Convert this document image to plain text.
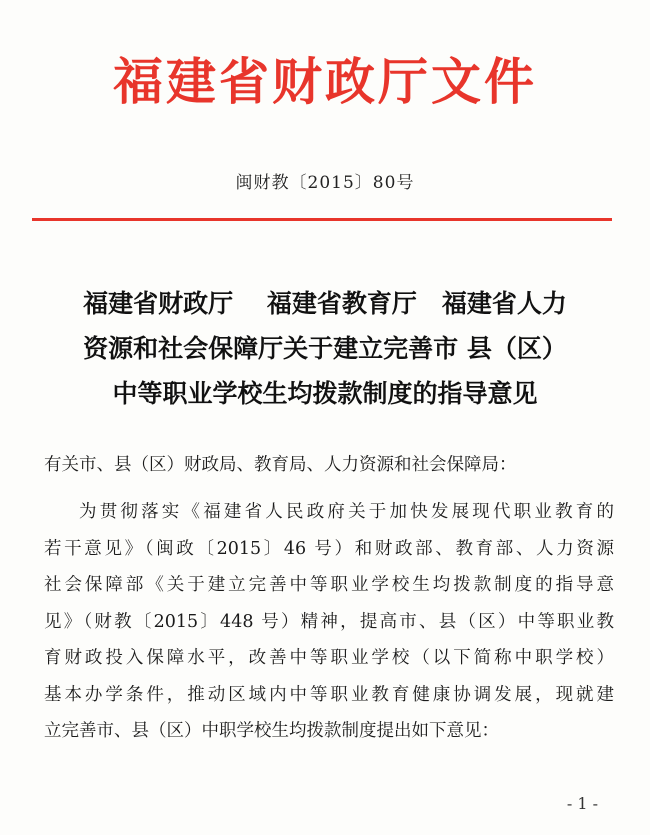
福建省财政厅文件
闽财教〔2015〕80号
福建省财政厅　 福建省教育厅　福建省人力
资源和社会保障厅关于建立完善市 县（区）
中等职业学校生均拨款制度的指导意见
有关市、县（区）财政局、教育局、人力资源和社会保障局：
为贯彻落实《福建省人民政府关于加快发展现代职业教育的
若干意见》（闽政〔2015〕46 号）和财政部、教育部、人力资源
社会保障部《关于建立完善中等职业学校生均拨款制度的指导意
见》（财教〔2015〕448 号）精神，提高市、县（区）中等职业教
育财政投入保障水平，改善中等职业学校（以下简称中职学校）
基本办学条件，推动区域内中等职业教育健康协调发展，现就建
立完善市、县（区）中职学校生均拨款制度提出如下意见：
- 1 -
